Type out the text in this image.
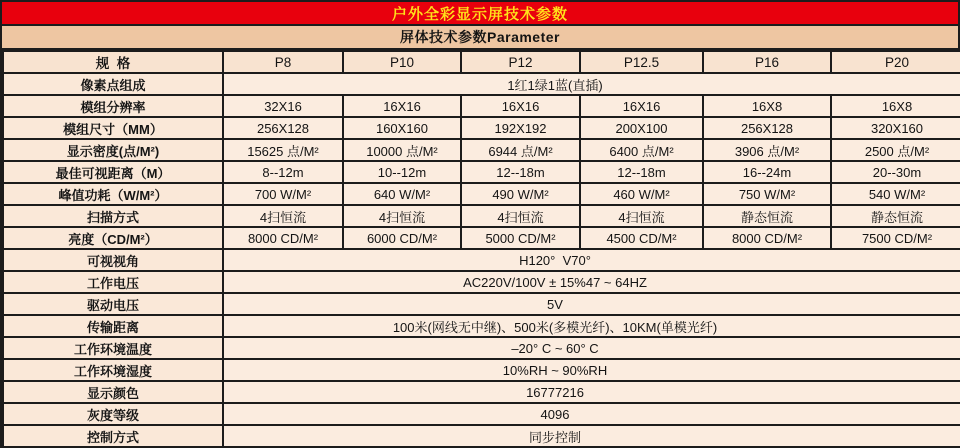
户外全彩显示屏技术参数
屏体技术参数Parameter
规  格	P8	P10	P12	P12.5	P16	P20
像素点组成	1红1绿1蓝(直插)					
模组分辨率	32X16	16X16	16X16	16X16	16X8	16X8
模组尺寸（MM）	256X128	160X160	192X192	200X100	256X128	320X160
显示密度(点/M²)	15625 点/M²	10000 点/M²	6944 点/M²	6400 点/M²	3906 点/M²	2500 点/M²
最佳可视距离（M）	8--12m	10--12m	12--18m	12--18m	16--24m	20--30m
峰值功耗（W/M²）	700 W/M²	640 W/M²	490 W/M²	460 W/M²	750 W/M²	540 W/M²
扫描方式	4扫恒流	4扫恒流	4扫恒流	4扫恒流	静态恒流	静态恒流
亮度（CD/M²）	8000 CD/M²	6000 CD/M²	5000 CD/M²	4500 CD/M²	8000 CD/M²	7500 CD/M²
可视视角	H120°  V70°					
工作电压	AC220V/100V ± 15%47 ~ 64HZ					
驱动电压	5V					
传输距离	100米(网线无中继)、500米(多模光纤)、10KM(单模光纤)					
工作环境温度	–20° C ~ 60° C					
工作环境湿度	10%RH ~ 90%RH					
显示颜色	16777216					
灰度等级	4096					
控制方式	同步控制					
